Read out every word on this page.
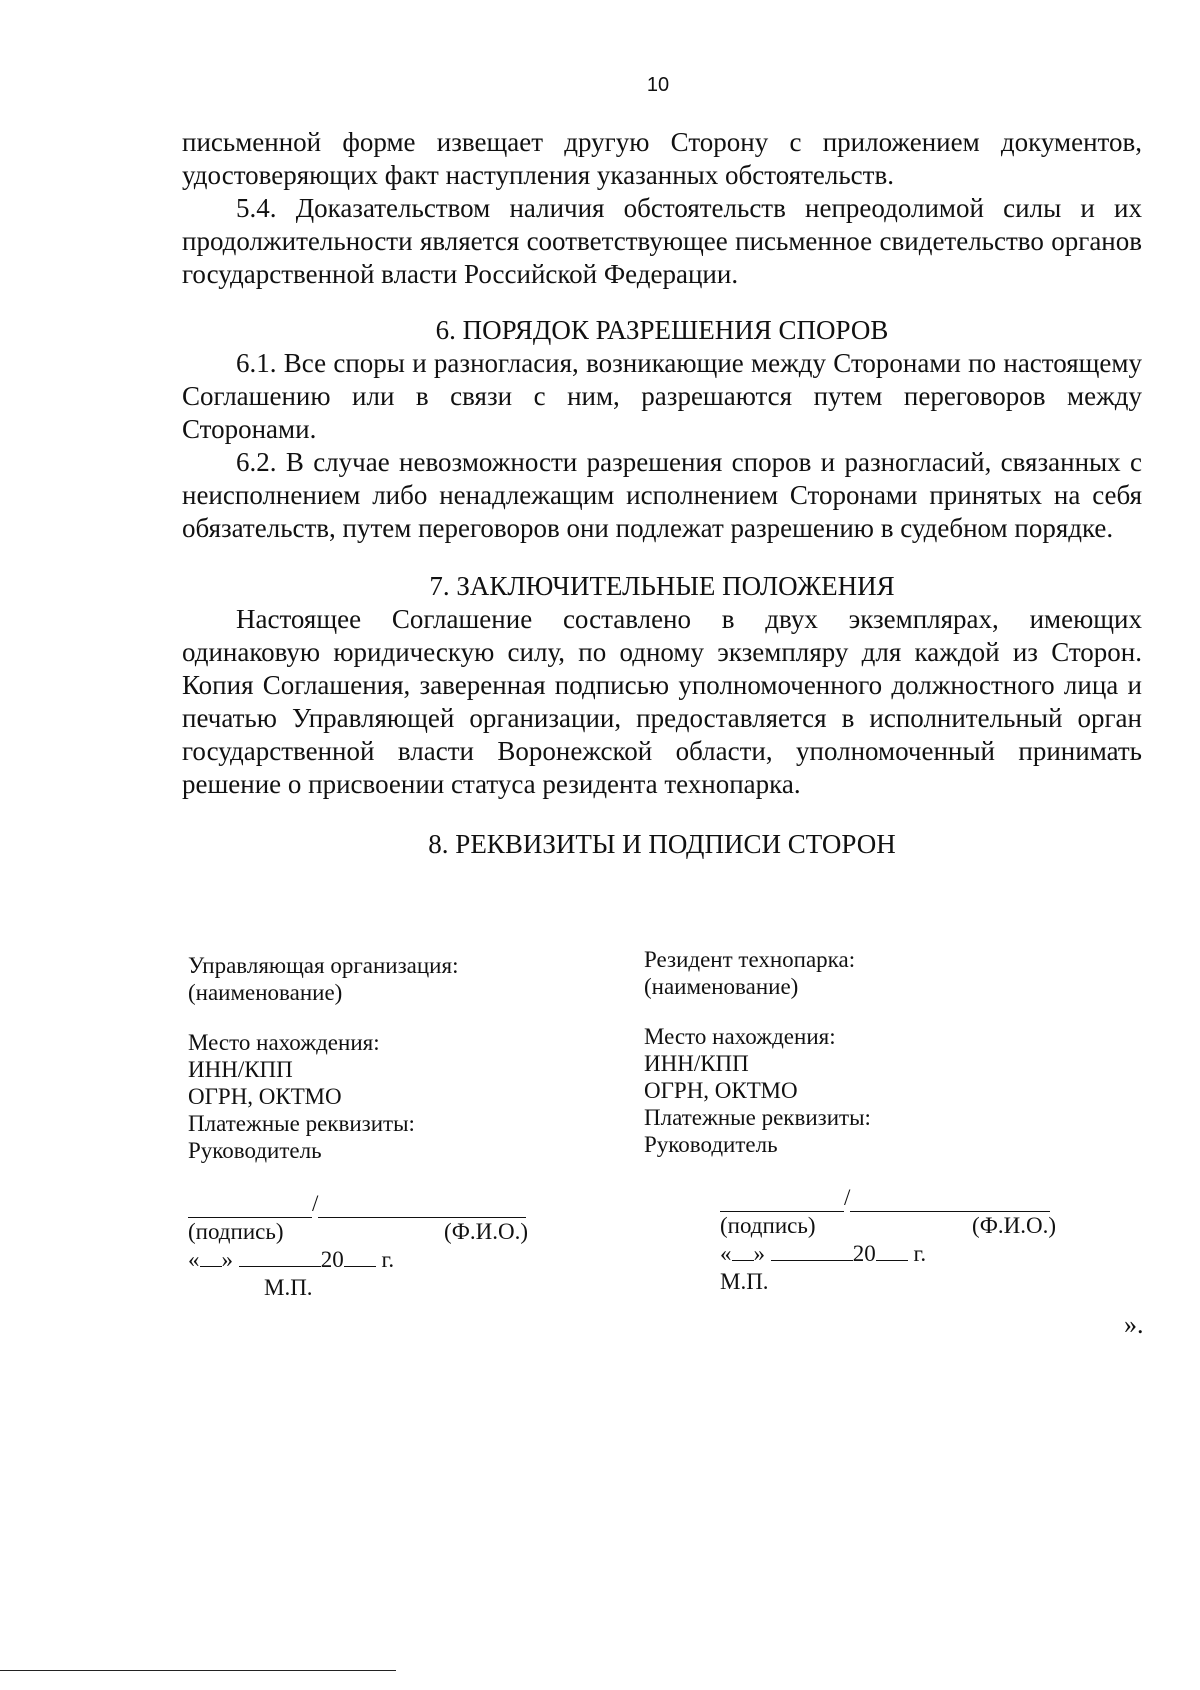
10

письменной форме извещает другую Сторону с приложением документов, удостоверяющих факт наступления указанных обстоятельств.

5.4. Доказательством наличия обстоятельств непреодолимой силы и их продолжительности является соответствующее письменное свидетельство органов государственной власти Российской Федерации.

6. ПОРЯДОК РАЗРЕШЕНИЯ СПОРОВ

6.1. Все споры и разногласия, возникающие между Сторонами по настоящему Соглашению или в связи с ним, разрешаются путем переговоров между Сторонами.

6.2. В случае невозможности разрешения споров и разногласий, связанных с неисполнением либо ненадлежащим исполнением Сторонами принятых на себя обязательств, путем переговоров они подлежат разрешению в судебном порядке.

7. ЗАКЛЮЧИТЕЛЬНЫЕ ПОЛОЖЕНИЯ

Настоящее Соглашение составлено в двух экземплярах, имеющих одинаковую юридическую силу, по одному экземпляру для каждой из Сторон. Копия Соглашения, заверенная подписью уполномоченного должностного лица и печатью Управляющей организации, предоставляется в исполнительный орган государственной власти Воронежской области, уполномоченный принимать решение о присвоении статуса резидента технопарка.

8. РЕКВИЗИТЫ И ПОДПИСИ СТОРОН
Управляющая организация:
(наименование)
Место нахождения:
ИНН/КПП
ОГРН, ОКТМО
Платежные реквизиты:
Руководитель
Резидент технопарка:
(наименование)
Место нахождения:
ИНН/КПП
ОГРН, ОКТМО
Платежные реквизиты:
Руководитель
/
(подпись)	(Ф.И.О.)
« »	20 г.
М.П.
/
(подпись)	(Ф.И.О.)
« »	20 г.
М.П.
».
